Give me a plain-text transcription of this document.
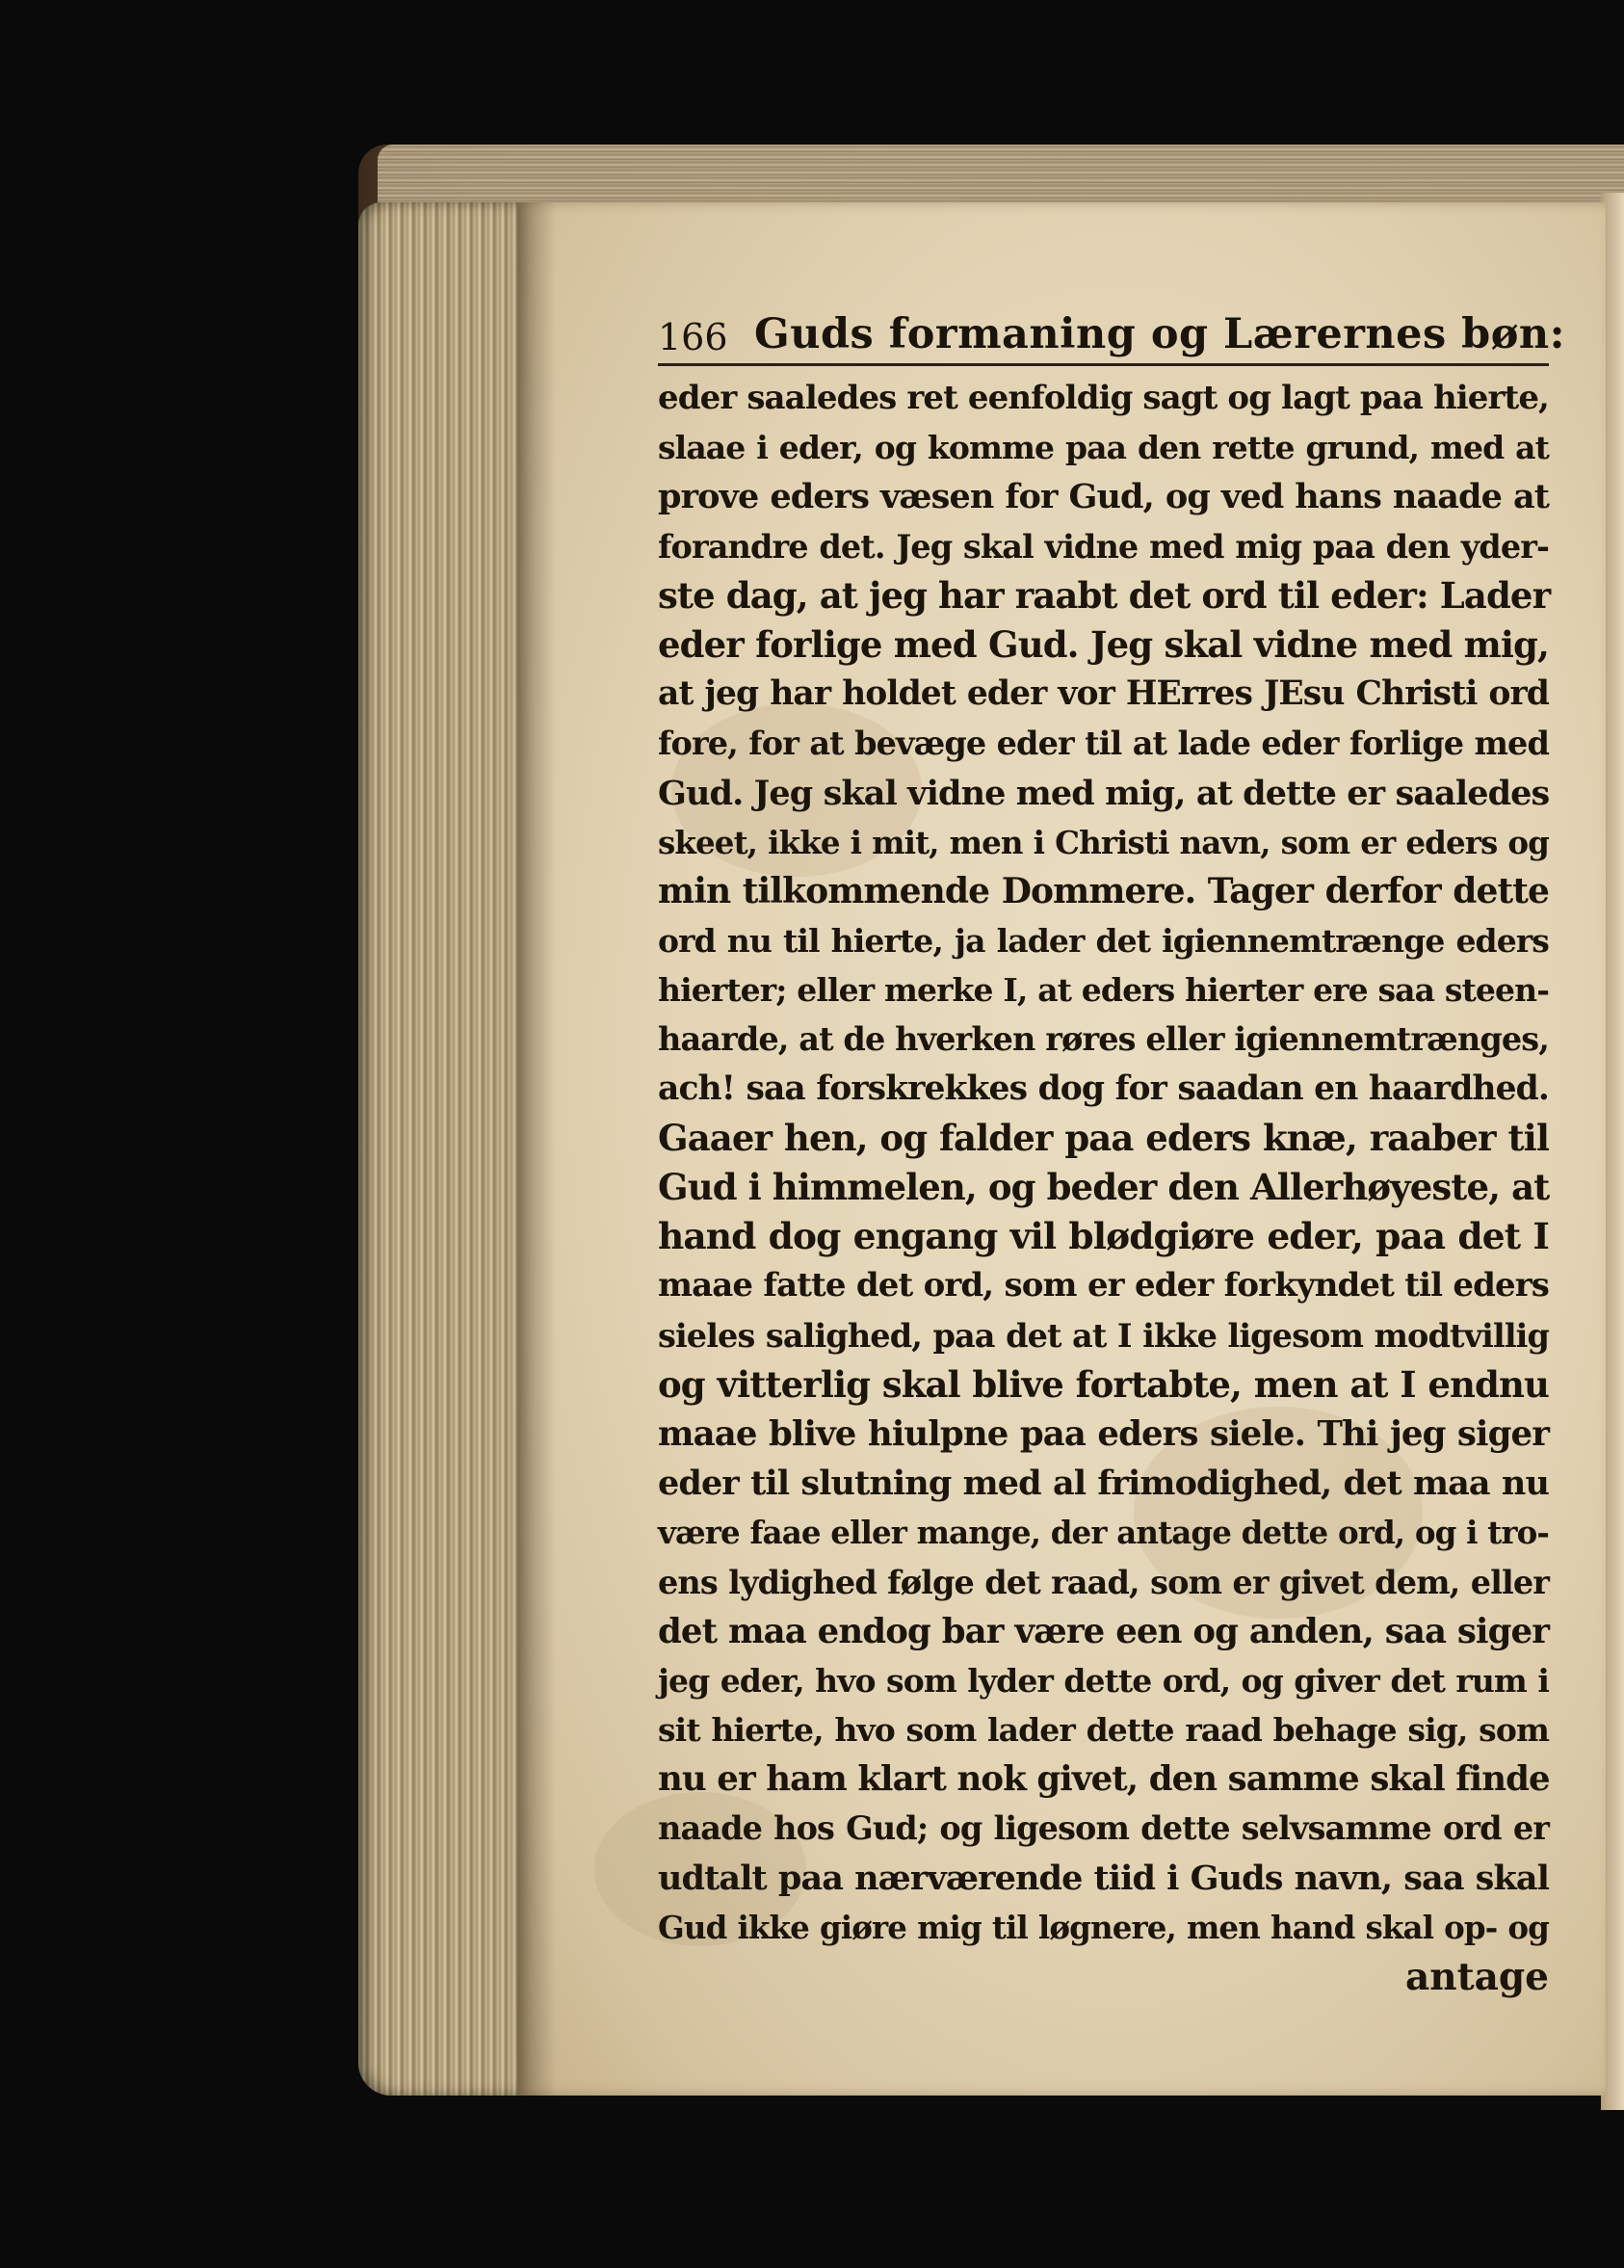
166 Guds formaning og Lærernes bøn:
eder saaledes ret eenfoldig sagt og lagt paa hierte,
slaae i eder, og komme paa den rette grund, med at
prove eders væsen for Gud, og ved hans naade at
forandre det. Jeg skal vidne med mig paa den yder-
ste dag, at jeg har raabt det ord til eder: Lader
eder forlige med Gud. Jeg skal vidne med mig,
at jeg har holdet eder vor HErres JEsu Christi ord
fore, for at bevæge eder til at lade eder forlige med
Gud. Jeg skal vidne med mig, at dette er saaledes
skeet, ikke i mit, men i Christi navn, som er eders og
min tilkommende Dommere. Tager derfor dette
ord nu til hierte, ja lader det igiennemtrænge eders
hierter; eller merke I, at eders hierter ere saa steen-
haarde, at de hverken røres eller igiennemtrænges,
ach! saa forskrekkes dog for saadan en haardhed.
Gaaer hen, og falder paa eders knæ, raaber til
Gud i himmelen, og beder den Allerhøyeste, at
hand dog engang vil blødgiøre eder, paa det I
maae fatte det ord, som er eder forkyndet til eders
sieles salighed, paa det at I ikke ligesom modtvillig
og vitterlig skal blive fortabte, men at I endnu
maae blive hiulpne paa eders siele. Thi jeg siger
eder til slutning med al frimodighed, det maa nu
være faae eller mange, der antage dette ord, og i tro-
ens lydighed følge det raad, som er givet dem, eller
det maa endog bar være een og anden, saa siger
jeg eder, hvo som lyder dette ord, og giver det rum i
sit hierte, hvo som lader dette raad behage sig, som
nu er ham klart nok givet, den samme skal finde
naade hos Gud; og ligesom dette selvsamme ord er
udtalt paa nærværende tiid i Guds navn, saa skal
Gud ikke giøre mig til løgnere, men hand skal op- og
antage
